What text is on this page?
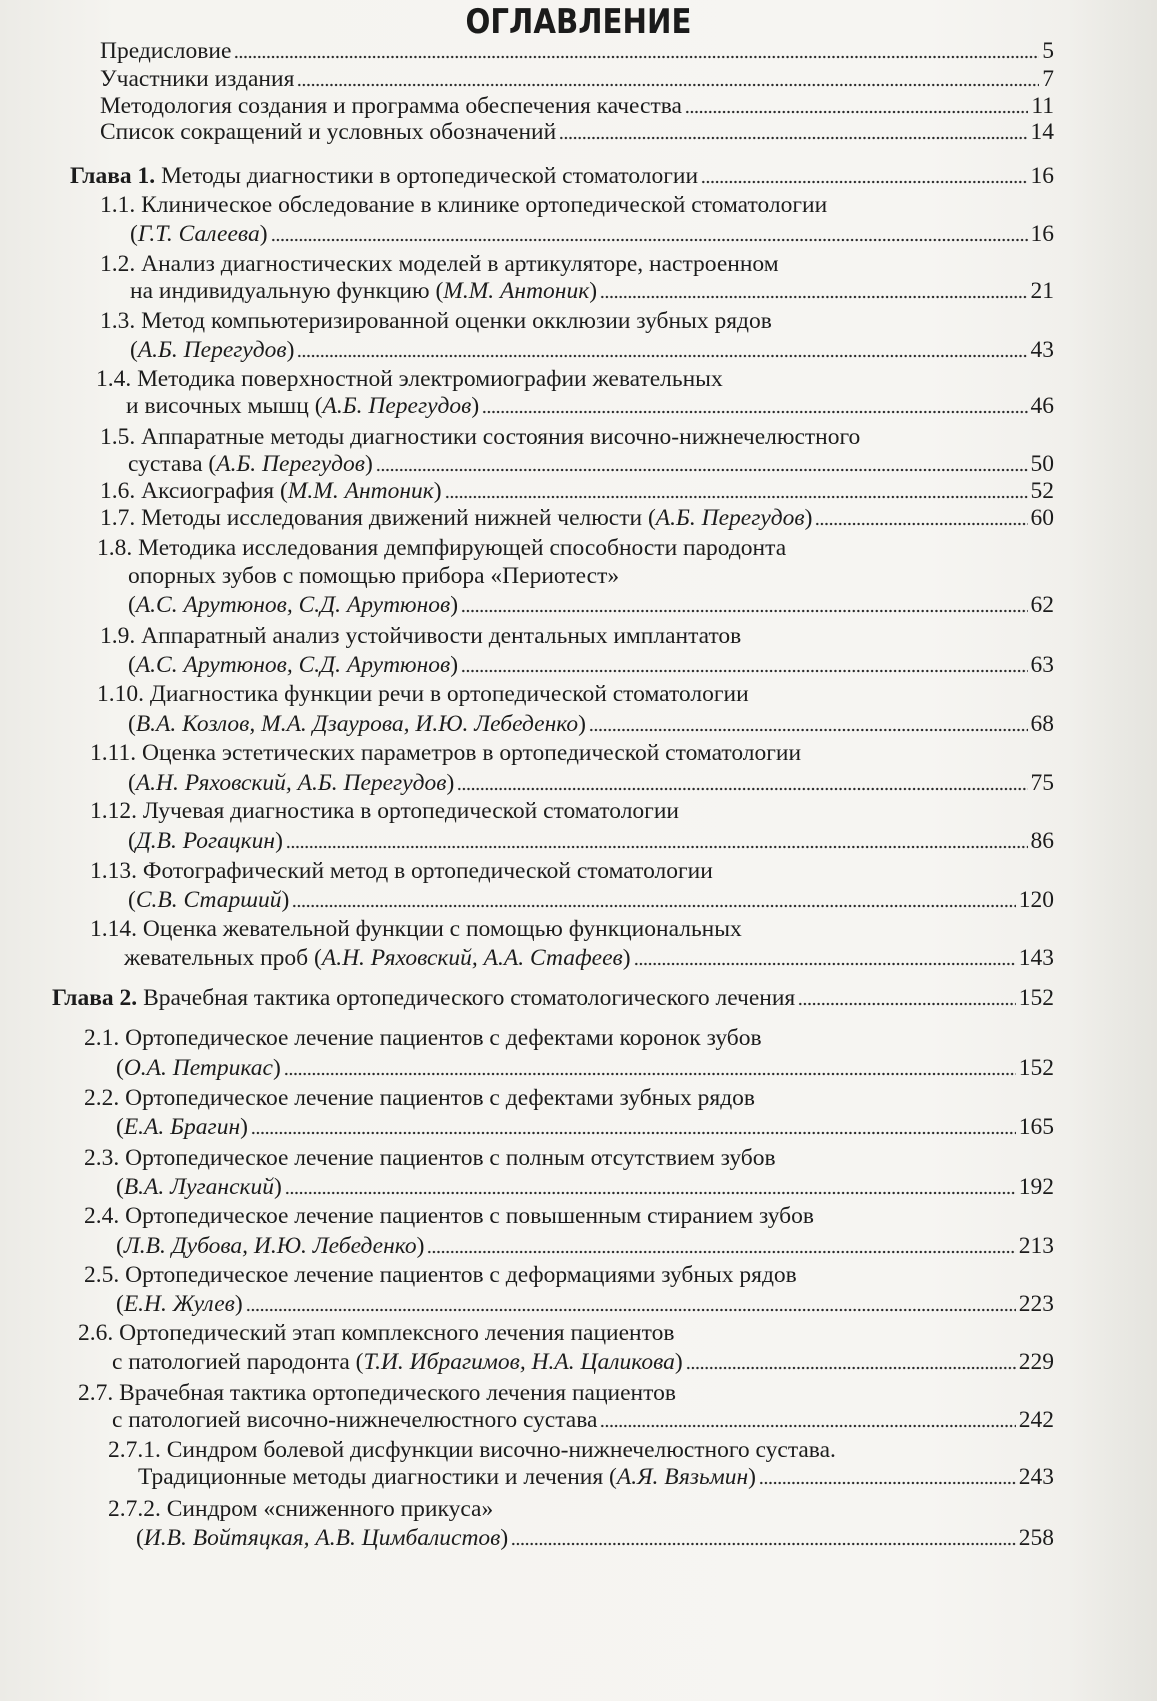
ОГЛАВЛЕНИЕ
Предисловие	5
Участники издания	7
Методология создания и программа обеспечения качества	11
Список сокращений и условных обозначений	14
Глава 1. Методы диагностики в ортопедической стоматологии	16
1.1. Клиническое обследование в клинике ортопедической стоматологии
(Г.Т. Салеева)	16
1.2. Анализ диагностических моделей в артикуляторе, настроенном
на индивидуальную функцию (М.М. Антоник)	21
1.3. Метод компьютеризированной оценки окклюзии зубных рядов
(А.Б. Перегудов)	43
1.4. Методика поверхностной электромиографии жевательных
и височных мышц (А.Б. Перегудов)	46
1.5. Аппаратные методы диагностики состояния височно-нижнечелюстного
сустава (А.Б. Перегудов)	50
1.6. Аксиография (М.М. Антоник)	52
1.7. Методы исследования движений нижней челюсти (А.Б. Перегудов)	60
1.8. Методика исследования демпфирующей способности пародонта
опорных зубов с помощью прибора «Периотест»
(А.С. Арутюнов, С.Д. Арутюнов)	62
1.9. Аппаратный анализ устойчивости дентальных имплантатов
(А.С. Арутюнов, С.Д. Арутюнов)	63
1.10. Диагностика функции речи в ортопедической стоматологии
(В.А. Козлов, М.А. Дзаурова, И.Ю. Лебеденко)	68
1.11. Оценка эстетических параметров в ортопедической стоматологии
(А.Н. Ряховский, А.Б. Перегудов)	75
1.12. Лучевая диагностика в ортопедической стоматологии
(Д.В. Рогацкин)	86
1.13. Фотографический метод в ортопедической стоматологии
(С.В. Старший)	120
1.14. Оценка жевательной функции с помощью функциональных
жевательных проб (А.Н. Ряховский, А.А. Стафеев)	143
Глава 2. Врачебная тактика ортопедического стоматологического лечения	152
2.1. Ортопедическое лечение пациентов с дефектами коронок зубов
(О.А. Петрикас)	152
2.2. Ортопедическое лечение пациентов с дефектами зубных рядов
(Е.А. Брагин)	165
2.3. Ортопедическое лечение пациентов с полным отсутствием зубов
(В.А. Луганский)	192
2.4. Ортопедическое лечение пациентов с повышенным стиранием зубов
(Л.В. Дубова, И.Ю. Лебеденко)	213
2.5. Ортопедическое лечение пациентов с деформациями зубных рядов
(Е.Н. Жулев)	223
2.6. Ортопедический этап комплексного лечения пациентов
с патологией пародонта (Т.И. Ибрагимов, Н.А. Цаликова)	229
2.7. Врачебная тактика ортопедического лечения пациентов
с патологией височно-нижнечелюстного сустава	242
2.7.1. Синдром болевой дисфункции височно-нижнечелюстного сустава.
Традиционные методы диагностики и лечения (А.Я. Вязьмин)	243
2.7.2. Синдром «сниженного прикуса»
(И.В. Войтяцкая, А.В. Цимбалистов)	258
